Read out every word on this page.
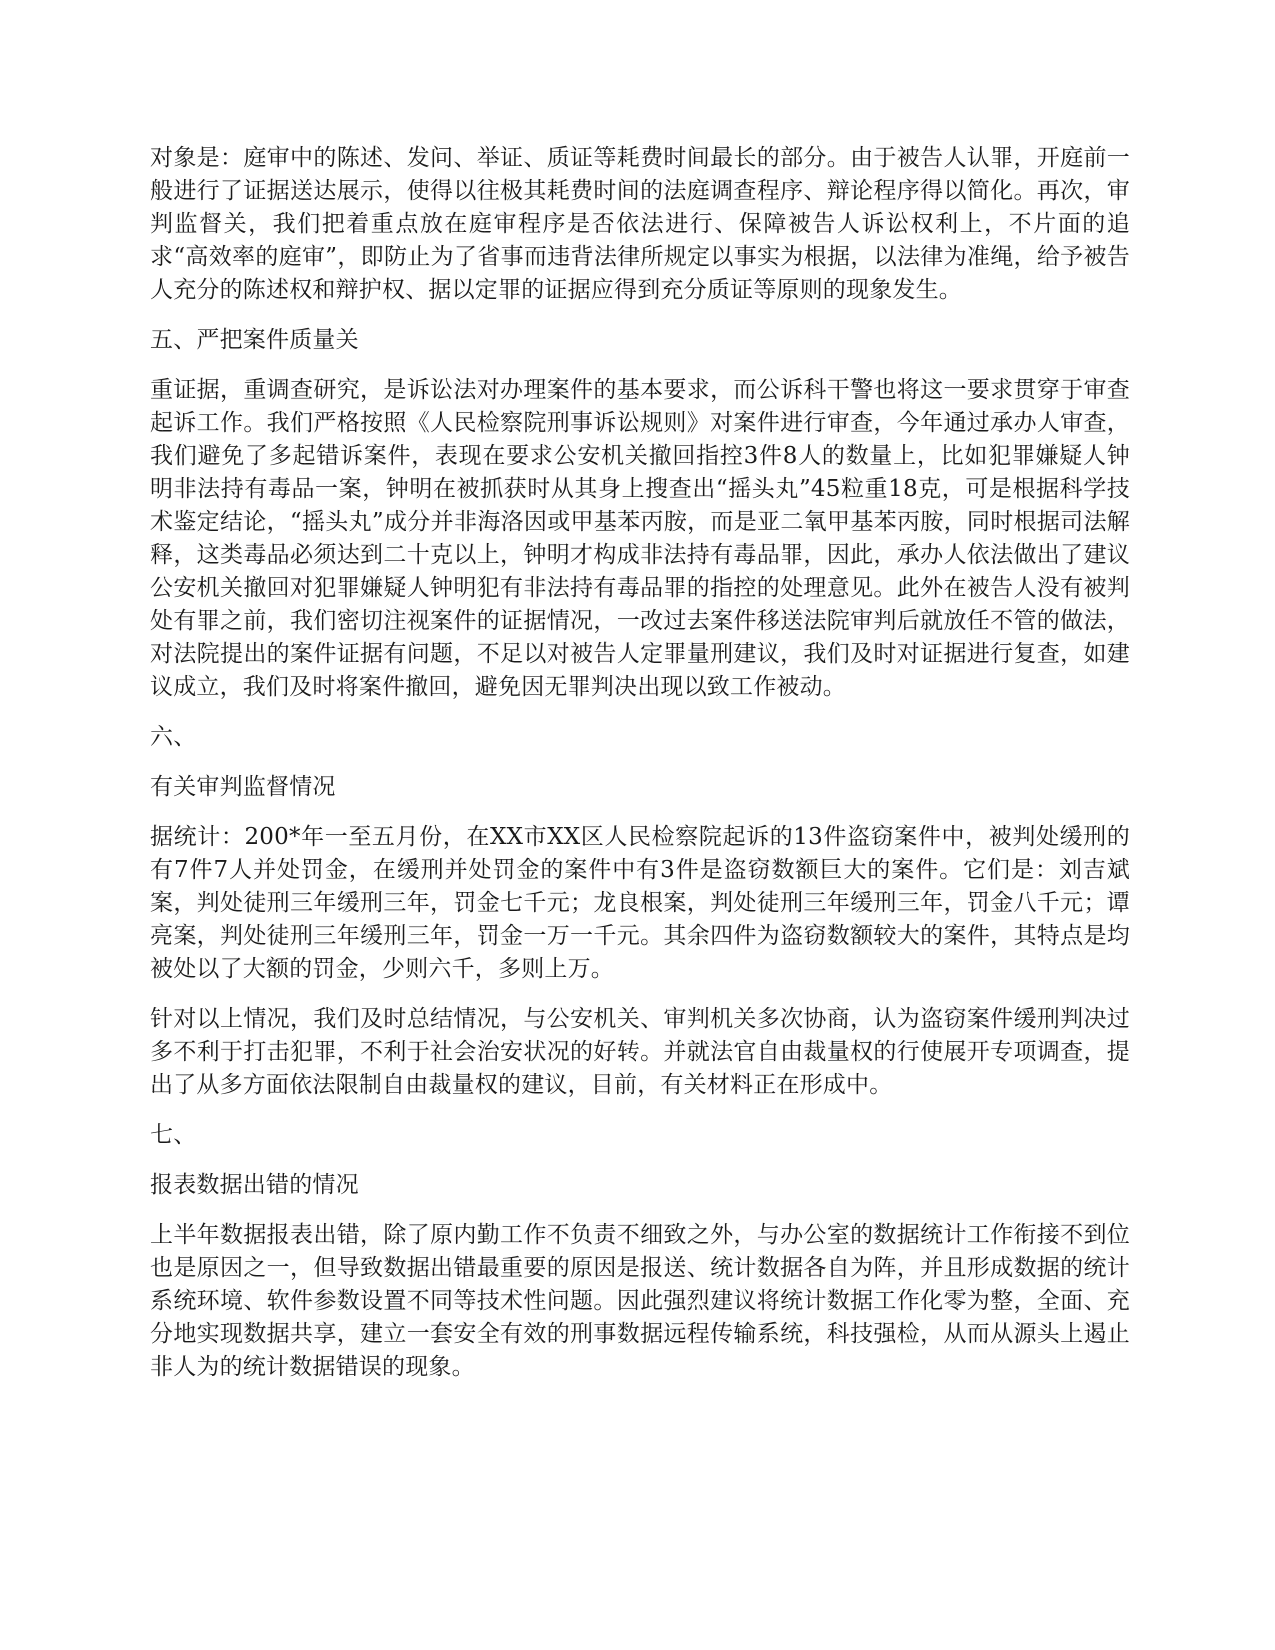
对象是：庭审中的陈述、发问、举证、质证等耗费时间最长的部分。由于被告人认罪，开庭前一般进行了证据送达展示，使得以往极其耗费时间的法庭调查程序、辩论程序得以简化。再次，审判监督关，我们把着重点放在庭审程序是否依法进行、保障被告人诉讼权利上，不片面的追求“高效率的庭审”，即防止为了省事而违背法律所规定以事实为根据，以法律为准绳，给予被告人充分的陈述权和辩护权、据以定罪的证据应得到充分质证等原则的现象发生。

五、严把案件质量关

重证据，重调查研究，是诉讼法对办理案件的基本要求，而公诉科干警也将这一要求贯穿于审查起诉工作。我们严格按照《人民检察院刑事诉讼规则》对案件进行审查，今年通过承办人审查，我们避免了多起错诉案件，表现在要求公安机关撤回指控3件8人的数量上，比如犯罪嫌疑人钟明非法持有毒品一案，钟明在被抓获时从其身上搜查出“摇头丸”45粒重18克，可是根据科学技术鉴定结论，“摇头丸”成分并非海洛因或甲基苯丙胺，而是亚二氧甲基苯丙胺，同时根据司法解释，这类毒品必须达到二十克以上，钟明才构成非法持有毒品罪，因此，承办人依法做出了建议公安机关撤回对犯罪嫌疑人钟明犯有非法持有毒品罪的指控的处理意见。此外在被告人没有被判处有罪之前，我们密切注视案件的证据情况，一改过去案件移送法院审判后就放任不管的做法，对法院提出的案件证据有问题，不足以对被告人定罪量刑建议，我们及时对证据进行复查，如建议成立，我们及时将案件撤回，避免因无罪判决出现以致工作被动。

六、

有关审判监督情况

据统计：200*年一至五月份，在XX市XX区人民检察院起诉的13件盗窃案件中，被判处缓刑的有7件7人并处罚金，在缓刑并处罚金的案件中有3件是盗窃数额巨大的案件。它们是：刘吉斌案，判处徒刑三年缓刑三年，罚金七千元；龙良根案，判处徒刑三年缓刑三年，罚金八千元；谭亮案，判处徒刑三年缓刑三年，罚金一万一千元。其余四件为盗窃数额较大的案件，其特点是均被处以了大额的罚金，少则六千，多则上万。

针对以上情况，我们及时总结情况，与公安机关、审判机关多次协商，认为盗窃案件缓刑判决过多不利于打击犯罪，不利于社会治安状况的好转。并就法官自由裁量权的行使展开专项调查，提出了从多方面依法限制自由裁量权的建议，目前，有关材料正在形成中。

七、

报表数据出错的情况

上半年数据报表出错，除了原内勤工作不负责不细致之外，与办公室的数据统计工作衔接不到位也是原因之一，但导致数据出错最重要的原因是报送、统计数据各自为阵，并且形成数据的统计系统环境、软件参数设置不同等技术性问题。因此强烈建议将统计数据工作化零为整，全面、充分地实现数据共享，建立一套安全有效的刑事数据远程传输系统，科技强检，从而从源头上遏止非人为的统计数据错误的现象。
